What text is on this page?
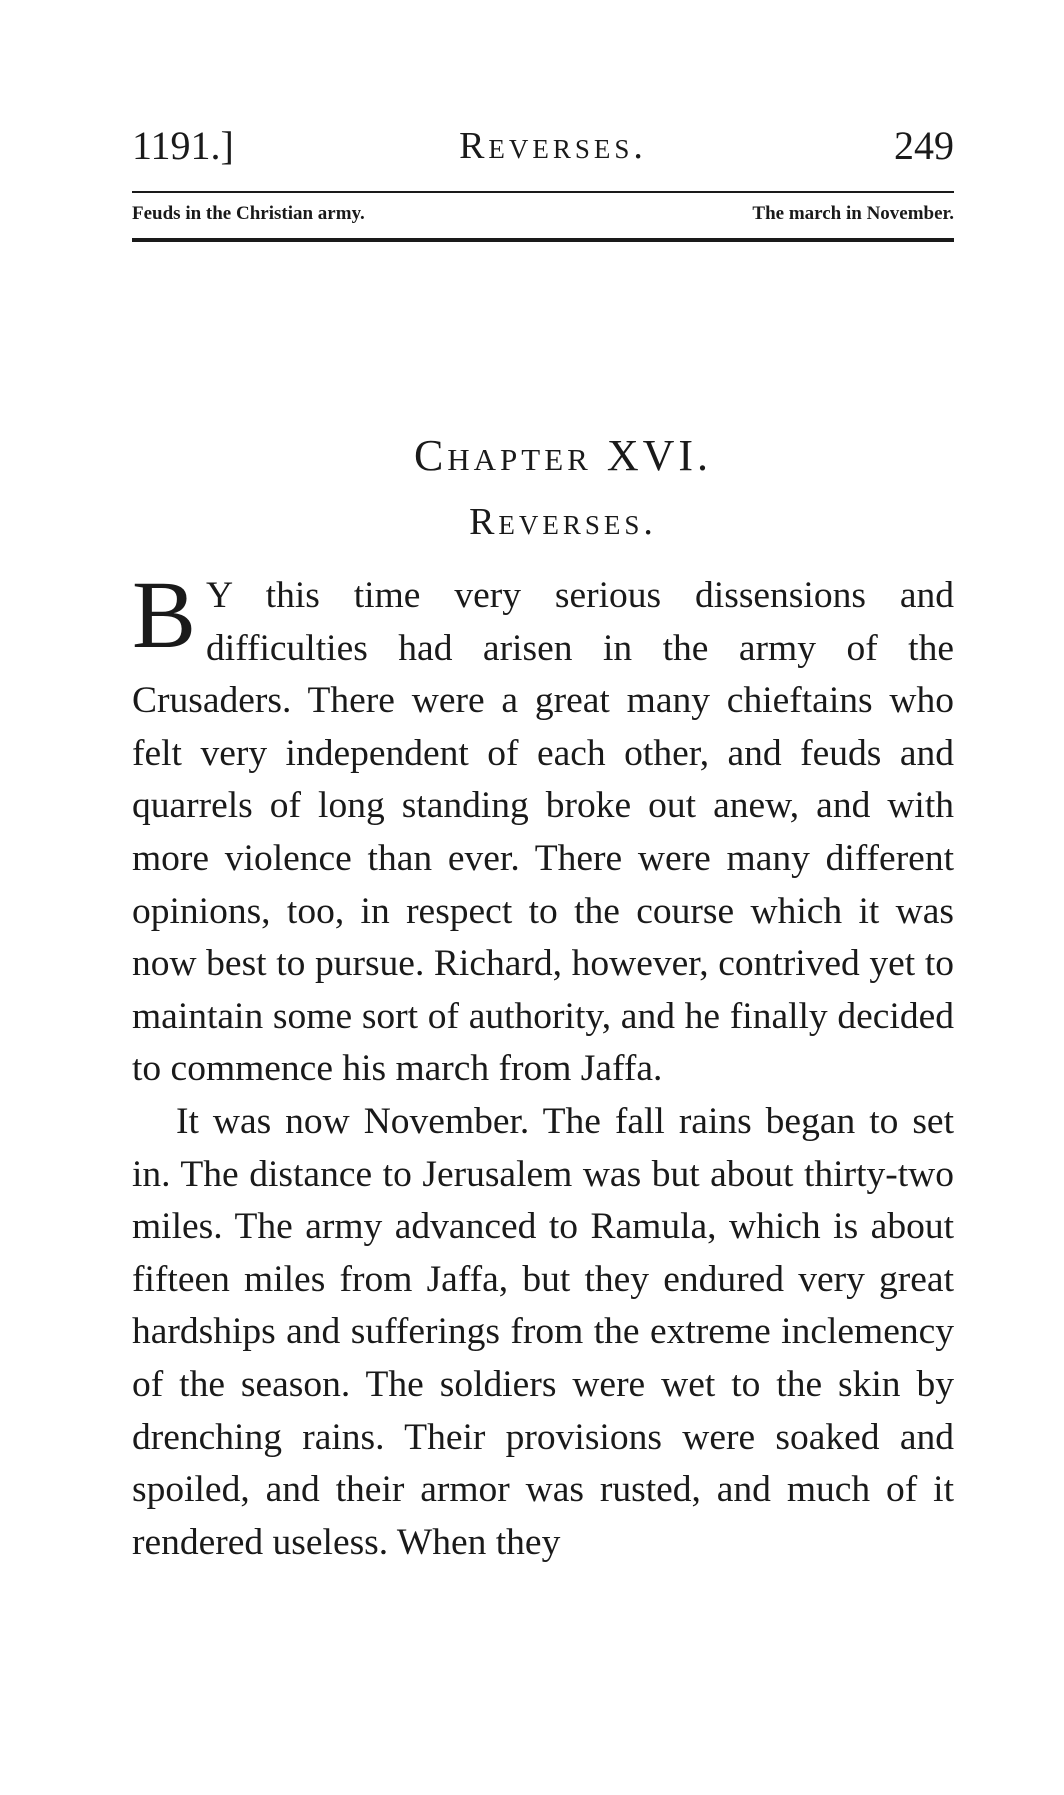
1191.]	Reverses.	249
Feuds in the Christian army.	The march in November.
Chapter XVI.
Reverses.

B Y this time very serious dissensions and difficulties had arisen in the army of the Crusaders. There were a great many chieftains who felt very independent of each other, and feuds and quarrels of long standing broke out anew, and with more violence than ever. There were many different opinions, too, in respect to the course which it was now best to pursue. Richard, however, contrived yet to maintain some sort of authority, and he finally decided to commence his march from Jaffa.

It was now November. The fall rains began to set in. The distance to Jerusalem was but about thirty-two miles. The army advanced to Ramula, which is about fifteen miles from Jaffa, but they endured very great hardships and sufferings from the extreme inclemency of the season. The soldiers were wet to the skin by drenching rains. Their provisions were soaked and spoiled, and their armor was rusted, and much of it rendered useless. When they
